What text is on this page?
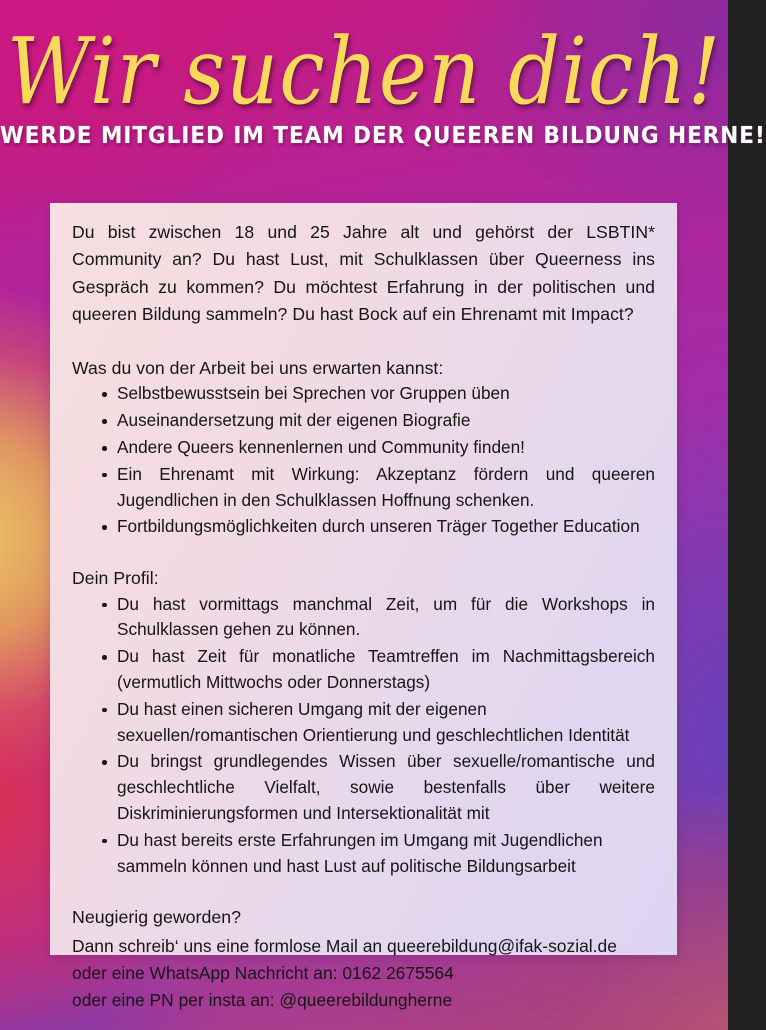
Wir suchen dich!
WERDE MITGLIED IM TEAM DER QUEEREN BILDUNG HERNE!

Du bist zwischen 18 und 25 Jahre alt und gehörst der LSBTIN* Community an? Du hast Lust, mit Schulklassen über Queerness ins Gespräch zu kommen? Du möchtest Erfahrung in der politischen und queeren Bildung sammeln? Du hast Bock auf ein Ehrenamt mit Impact?

Was du von der Arbeit bei uns erwarten kannst:

Selbstbewusstsein bei Sprechen vor Gruppen üben
Auseinandersetzung mit der eigenen Biografie
Andere Queers kennenlernen und Community finden!
Ein Ehrenamt mit Wirkung: Akzeptanz fördern und queeren Jugendlichen in den Schulklassen Hoffnung schenken.
Fortbildungsmöglichkeiten durch unseren Träger Together Education

Dein Profil:

Du hast vormittags manchmal Zeit, um für die Workshops in Schulklassen gehen zu können.
Du hast Zeit für monatliche Teamtreffen im Nachmittagsbereich (vermutlich Mittwochs oder Donnerstags)
Du hast einen sicheren Umgang mit der eigenen sexuellen/romantischen Orientierung und geschlechtlichen Identität
Du bringst grundlegendes Wissen über sexuelle/romantische und geschlechtliche Vielfalt, sowie bestenfalls über weitere Diskriminierungsformen und Intersektionalität mit
Du hast bereits erste Erfahrungen im Umgang mit Jugendlichen sammeln können und hast Lust auf politische Bildungsarbeit

Neugierig geworden?

Dann schreib‘ uns eine formlose Mail an queerebildung@ifak-sozial.de

oder eine WhatsApp Nachricht an: 0162 2675564

oder eine PN per insta an: @queerebildungherne
